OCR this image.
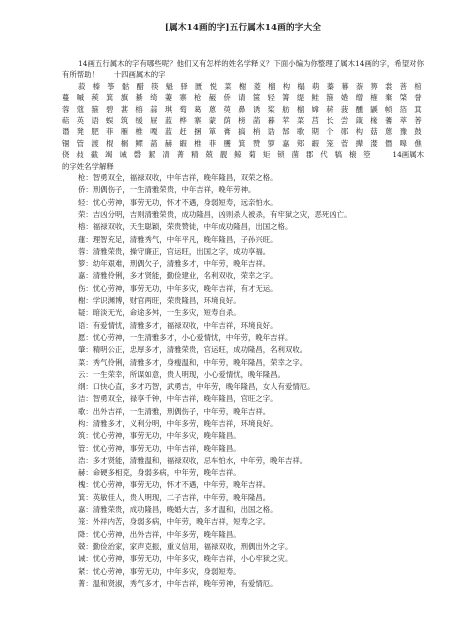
[属木14画的字]五行属木14画的字大全

14画五行属木的字有哪些呢？他们又有怎样的姓名学释义？下面小编为你整理了属木14画的字，希望对你有所帮助！　　十四画属木的字

菽 榛 筝 骷 醋 筷 魁 驿 匮 悦 菜 榭 菱 榴 构 榻 萌 蓁 幕 萘 箅 裳 菩 棺 蔓 嘁 蒺 箕 旗 綦 绮 萋 寨 枪 赧 侨 请 箧 轻 箐 缇 鲑 箍 婘 缯 榷 棄 棨 誉 蓉 蔻 箍 碧 葚 榕 蒜 琪 萄 葛 蒽 萸 鼻 诱 桨 舫 榴 嫦 菥 菠 醺 鼷 帧 箔 萁 萜 英 语 蜈 筑 缓 屉 蓝 桦 寨 蒙 荫 榜 菡 暮 苹 菜 莒 长 尝 箴 椽 蓍 萃 莕 谮 凳 肥 菲 雁 椎 嘎 蓝 赶 捆 箪 膏 搞 梢 诰 郜 歌 期 个 郧 构 菇 蒽 豫 鼓 锢 管 渡 棍 榍 鳏 菡 赫 嘏 椎 菲 雘 箕 赞 箩 嘉 郏 嘏 笼 菅 撵 漤 僭 嗥 僬 侥 敊 截 竭 诫 磬 絜 凊 菁 精 兢 靓 鲸 菊 矩 锁 菌 郡 代 犒 榱 箜　　	14画属木的字姓名学解释

枪：智勇双全，福禄双收，中年吉祥，晚年隆昌，双荣之格。
侨：刑偶伤子，一生清雅荣贵，中年吉祥，晚年劳神。
轻：忧心劳神，事劳无功，怀才不遇，身弱短寿，远亲怕水。
荣：吉凶分明，吉则清雅荣贵，成功隆昌，凶则杀人被杀，有牢狱之灾，恶死凶亡。
榕：福禄双收，天生聪颖，荣贵赞徒，中年成功隆昌，出国之格。
蓮：理智充足，清雅秀气，中年平凡，晚年隆昌，子孙兴旺。
蓉：清雅荣贵，操守廉正，官运旺，出国之字，成功享福。
箩：幼年艰难，刑偶欠子，清雅多才，中年劳，晚年吉祥。
嘉：清雅伶俐，多才贤能，勤俭建业，名利双收，荣幸之字。
伤：忧心劳神，事劳无功，中年多灾，晚年吉祥，有才无运。
榭：学识渊博，财官两旺，荣贵隆昌，环境良好。
疑：暗淡无光，命途多舛，一生多灾，短寿自杀。
语：有爱情忧，清雅多才，福禄双收，中年吉祥，环境良好。
愿：忧心劳神，一生清雅多才，小心爱情忧，中年劳，晚年吉祥。
肇：精明公正，忠厚多才，清雅荣贵，官运旺，成功隆昌，名利双收。
菜：秀气伶俐，清雅多才，身瘦温和，中年劳，晚年隆昌，荣幸之字。
云：一生荣幸，所谋如意，贵人明现，小心爱情忧，晚年隆昌。
纲：口快心直，多才巧智，武勇吉，中年劳，晚年隆昌，女人有爱情厄。
洁：智勇双全，禄享千钟，中年吉祥，晚年隆昌，官旺之字。
歌：出外吉祥，一生清雅，刑偶伤子，中年劳，晚年吉祥。
构：清雅多才，义利分明，中年多劳，晚年吉祥，环境良好。
筑：忧心劳神，事劳无功，中年多灾，晚年隆昌。
管：忧心劳神，事劳无功，中年吉祥，晚年隆昌。
浩：多才贤能，清雅温和，福禄双收，忌车怕水，中年劳，晚年吉祥。
赫：命硬多相克，身弱多病，中年劳，晚年吉祥。
槐：忧心劳神，事劳无功，怀才不遇，中年劳，晚年吉祥。
箕：英敏佳人，贵人明现，二子吉祥，中年劳，晚年隆昌。
嘉：清雅荣贵，成功隆昌，晚婚大吉，多才温和，出国之格。
笼：外祥内苦，身弱多病，中年劳，晚年吉祥，短寿之字。
降：忧心劳神，出外吉祥，中年多劳，晚年隆昌。
兢：勤俭治家，家声克振，重义信用，福禄双收，刑偶出外之字。
诫：忧心劳神，事劳无功，中年多灾，晚年吉祥，小心牢狱之灾。
紧：忧心劳神，事劳无功，中年多灾，身弱短寿。
菁：温和贤淑，秀气多才，中年吉祥，晚年劳神，有爱情厄。
